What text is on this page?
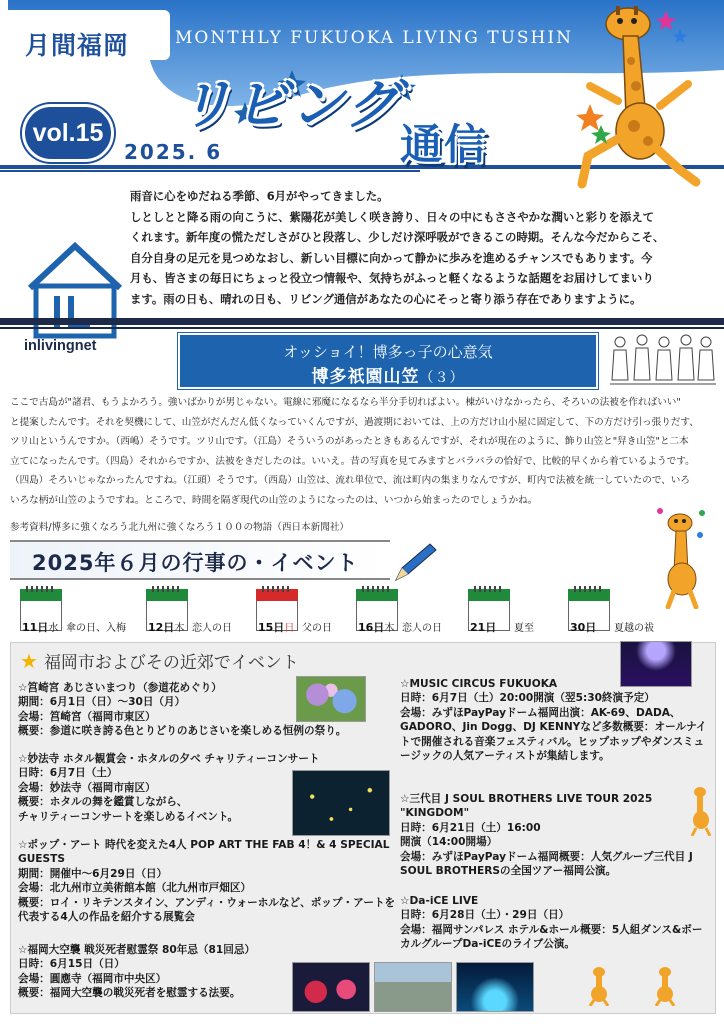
月間福岡	MONTHLY FUKUOKA LIVING TUSHIN
リビング
通信
vol.15
2025. 6

雨音に心をゆだねる季節、6月がやってきました。

しとしとと降る雨の向こうに、紫陽花が美しく咲き誇り、日々の中にもささやかな潤いと彩りを添えて

くれます。新年度の慌ただしさがひと段落し、少しだけ深呼吸ができるこの時期。そんな今だからこそ、

自分自身の足元を見つめなおし、新しい目標に向かって静かに歩みを進めるチャンスでもあります。今

月も、皆さまの毎日にちょっと役立つ情報や、気持ちがふっと軽くなるような話題をお届けしてまいり

ます。雨の日も、晴れの日も、リビング通信があなたの心にそっと寄り添う存在でありますように。

inlivingnet	オッショイ！博多っ子の心意気
博多祇園山笠（３）

ここで古島が"諸君、もうよかろう。強いばかりが男じゃない。電線に邪魔になるなら半分手切ればよい。棟がいけなかったら、そろいの法被を作ればいい"

と提案したんです。それを契機にして、山笠がだんだん低くなっていくんですが、過渡期においては、上の方だけ山小屋に固定して、下の方だけ引っ張りだす、

ツリ山というんですか。（西嶋）そうです。ツリ山です。（江島）そういうのがあったときもあるんですが、それが現在のように、飾り山笠と"舁き山笠"と二本

立てになったんです。（四島）それからですか、法被をきだしたのは。いいえ。昔の写真を見てみますとバラバラの恰好で、比較的早くから着ているようです。

（四島）そろいじゃなかったんですね。（江頭）そうです。（西島）山笠は、流れ単位で、流は町内の集まりなんですが、町内で法被を統一していたので、いろ

いろな柄が山笠のようですね。ところで、時間を隔ぎ現代の山笠のようになったのは、いつから始まったのでしょうかね。

参考資料/博多に強くなろう北九州に強くなろう１００の物語（西日本新聞社）
2025年６月の行事の・イベント
11日水 傘の日、入梅 12日木 恋人の日 15日日 父の日 16日木 恋人の日	21日 夏至	30日 夏越の祓
★ 福岡市およびその近郊でイベント

☆筥崎宮 あじさいまつり（参道花めぐり）

期間：6月1日（日）～30日（月）

会場：筥崎宮（福岡市東区）

概要：参道に咲き誇る色とりどりのあじさいを楽しめる恒例の祭り。

☆妙法寺 ホタル観賞会・ホタルの夕べ チャリティーコンサート

日時：6月7日（土）

会場：妙法寺（福岡市南区）

概要：ホタルの舞を鑑賞しながら、

チャリティーコンサートを楽しめるイベント。

☆ポップ・アート 時代を変えた4人 POP ART THE FAB 4！& 4 SPECIAL GUESTS

期間：開催中～6月29日（日）

会場：北九州市立美術館本館（北九州市戸畑区）

概要：ロイ・リキテンスタイン、アンディ・ウォーホルなど、ポップ・アートを代表する4人の作品を紹介する展覧会

☆福岡大空襲 戦災死者慰霊祭 80年忌（81回忌）

日時：6月15日（日）

会場：圓應寺（福岡市中央区）

概要：福岡大空襲の戦災死者を慰霊する法要。

☆MUSIC CIRCUS FUKUOKA

日時：6月7日（土）20:00開演（翌5:30終演予定）

会場：みずほPayPayドーム福岡出演：AK-69、DADA、GADORO、Jin Dogg、DJ KENNYなど多数概要：オールナイトで開催される音楽フェスティバル。ヒップホップやダンスミュージックの人気アーティストが集結します。

☆三代目 J SOUL BROTHERS LIVE TOUR 2025 "KINGDOM"

日時：6月21日（土）16:00

開演（14:00開場）

会場：みずほPayPayドーム福岡概要：人気グループ三代目 J SOUL BROTHERSの全国ツアー福岡公演。

☆Da-iCE LIVE

日時：6月28日（土）・29日（日）

会場：福岡サンパレス ホテル&ホール概要：5人組ダンス&ボーカルグループDa-iCEのライブ公演。
